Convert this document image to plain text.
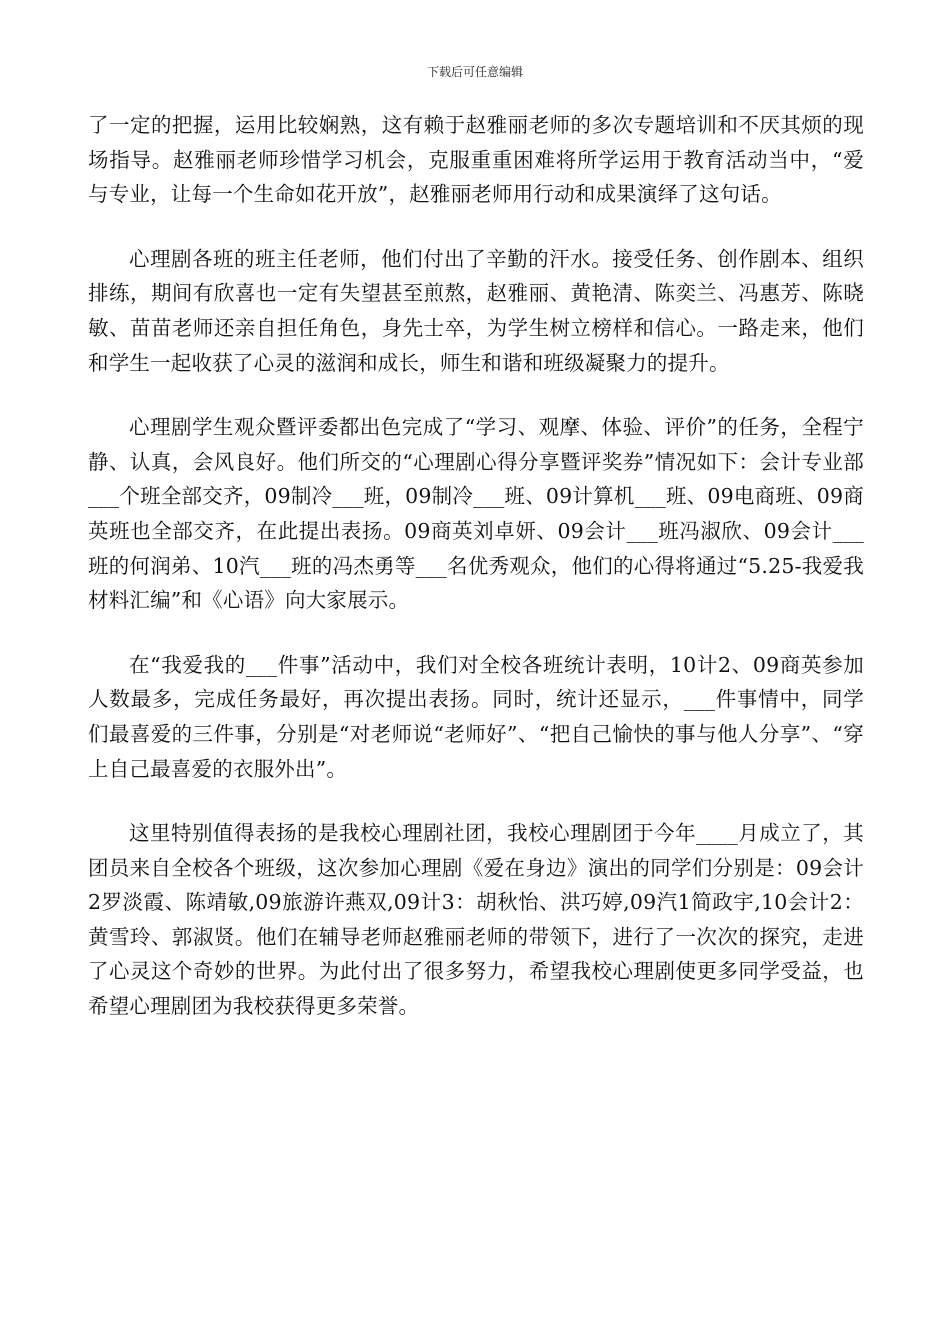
下载后可任意编辑

了一定的把握，运用比较娴熟，这有赖于赵雅丽老师的多次专题培训和不厌其烦的现场指导。赵雅丽老师珍惜学习机会，克服重重困难将所学运用于教育活动当中，“爱与专业，让每一个生命如花开放”，赵雅丽老师用行动和成果演绎了这句话。

心理剧各班的班主任老师，他们付出了辛勤的汗水。接受任务、创作剧本、组织排练，期间有欣喜也一定有失望甚至煎熬，赵雅丽、黄艳清、陈奕兰、冯惠芳、陈晓敏、苗苗老师还亲自担任角色，身先士卒，为学生树立榜样和信心。一路走来，他们和学生一起收获了心灵的滋润和成长，师生和谐和班级凝聚力的提升。

心理剧学生观众暨评委都出色完成了“学习、观摩、体验、评价”的任务，全程宁静、认真，会风良好。他们所交的“心理剧心得分享暨评奖券”情况如下：会计专业部___个班全部交齐，09制冷___班，09制冷___班、09计算机___班、09电商班、09商英班也全部交齐，在此提出表扬。09商英刘卓妍、09会计___班冯淑欣、09会计___班的何润弟、10汽___班的冯杰勇等___名优秀观众，他们的心得将通过“5.25-我爱我材料汇编”和《心语》向大家展示。

在“我爱我的___件事”活动中，我们对全校各班统计表明，10计2、09商英参加人数最多，完成任务最好，再次提出表扬。同时，统计还显示，___件事情中，同学们最喜爱的三件事，分别是“对老师说“老师好”、“把自己愉快的事与他人分享”、“穿上自己最喜爱的衣服外出”。

这里特别值得表扬的是我校心理剧社团，我校心理剧团于今年____月成立了，其团员来自全校各个班级，这次参加心理剧《爱在身边》演出的同学们分别是：09会计2罗淡霞、陈靖敏,09旅游许燕双,09计3：胡秋怡、洪巧婷,09汽1简政宇,10会计2：黄雪玲、郭淑贤。他们在辅导老师赵雅丽老师的带领下，进行了一次次的探究，走进了心灵这个奇妙的世界。为此付出了很多努力，希望我校心理剧使更多同学受益，也希望心理剧团为我校获得更多荣誉。
